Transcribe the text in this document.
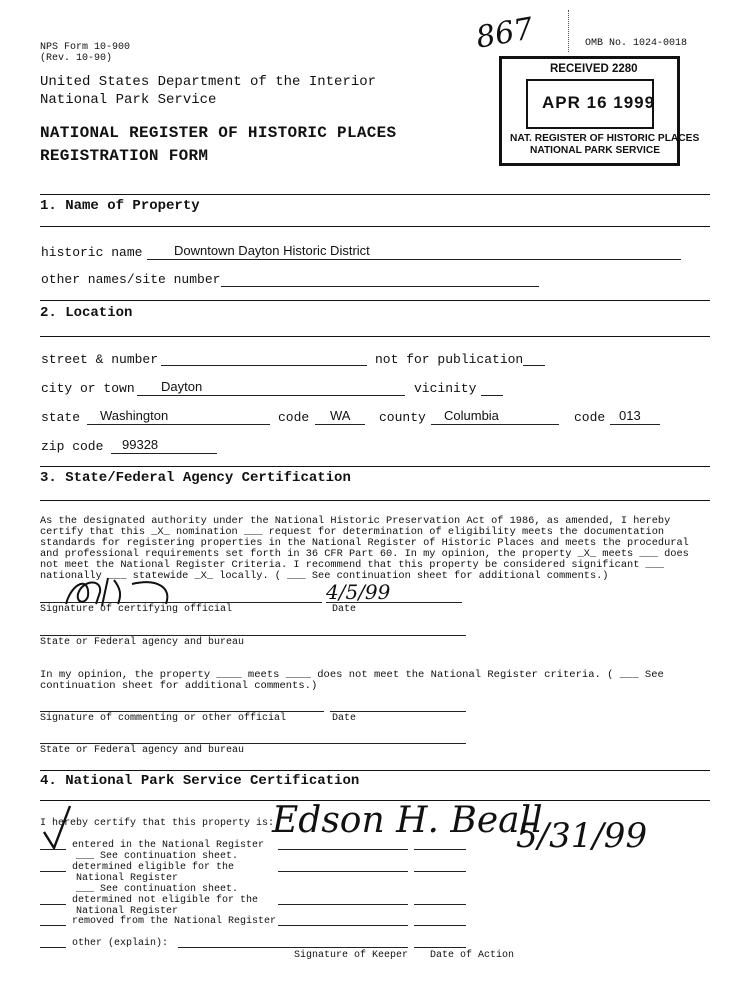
NPS Form 10-900
(Rev. 10-90)
OMB No. 1024-0018
867
United States Department of the Interior
National Park Service
NATIONAL REGISTER OF HISTORIC PLACES
REGISTRATION FORM
RECEIVED 2280
APR 16 1999
NAT. REGISTER OF HISTORIC PLACES
NATIONAL PARK SERVICE
1. Name of Property
historic name Downtown Dayton Historic District
other names/site number
2. Location
street & number	not for publication
city or town Dayton	vicinity
state Washington	code WA county Columbia	code 013
zip code 99328
3. State/Federal Agency Certification
As the designated authority under the National Historic Preservation Act of 1986, as amended, I hereby certify that this _X_ nomination ___ request for determination of eligibility meets the documentation standards for registering properties in the National Register of Historic Places and meets the procedural and professional requirements set forth in 36 CFR Part 60. In my opinion, the property _X_ meets ___ does not meet the National Register Criteria. I recommend that this property be considered significant ___ nationally ___ statewide _X_ locally. ( ___ See continuation sheet for additional comments.)
4/5/99
Signature of certifying official	Date
State or Federal agency and bureau
In my opinion, the property ____ meets ____ does not meet the National Register criteria. ( ___ See continuation sheet for additional comments.)
Signature of commenting or other official	Date
State or Federal agency and bureau
4. National Park Service Certification
I hereby certify that this property is:
entered in the National Register
___ See continuation sheet.
determined eligible for the
National Register
___ See continuation sheet.
determined not eligible for the
National Register
removed from the National Register
other (explain):
Edson H. Beall
5/31/99
Signature of Keeper Date of Action
